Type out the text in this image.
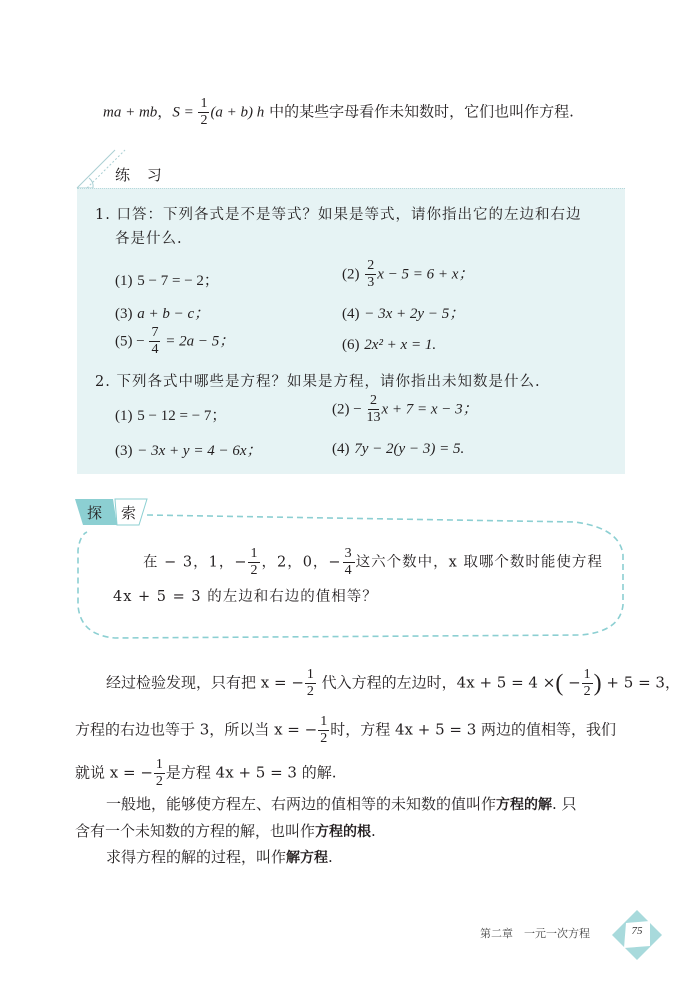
ma + mb，$S = \frac{1}{2} (a + b)$ h 中的某些字母看作未知数时，它们也叫作方程.
练 习
1. 口答：下列各式是不是等式？如果是等式，请你指出它的左边和右边
各是什么.
(1) 5 − 7 = − 2；	$(2) \frac{2}{3}$ x − 5 = 6 + x；
(3) a + b − c；	(4) − 3x + 2y − 5；
$(5) - \frac{7}{4} = 2a - 5$；	(6) 2x² + x = 1.
2. 下列各式中哪些是方程？如果是方程，请你指出未知数是什么.
(1) 5 − 12 = − 7；	$(2) - \frac{2}{13}$ x + 7 = x − 3；
(3) − 3x + y = 4 − 6x；	(4) 7y − 2(y − 3) = 5.
探 索
在 − 3，1，− $\frac{1}{2}$ ，2，0，− $\frac{3}{4}$ 这六个数中，x 取哪个数时能使方程
4x + 5 = 3 的左边和右边的值相等？
经过检验发现，只有把 x = − $\frac{1}{2}$ 代入方程的左边时，4x + 5 = 4 ×( − $\frac{1}{2}$ ) + 5 = 3，
方程的右边也等于 3，所以当 x = − $\frac{1}{2}$ 时，方程 4x + 5 = 3 两边的值相等，我们
就说 x = − $\frac{1}{2}$ 是方程 4x + 5 = 3 的解.
一般地，能够使方程左、右两边的值相等的未知数的值叫作方程的解. 只
含有一个未知数的方程的解，也叫作方程的根.
求得方程的解的过程，叫作解方程.
第二章　一元一次方程	75
